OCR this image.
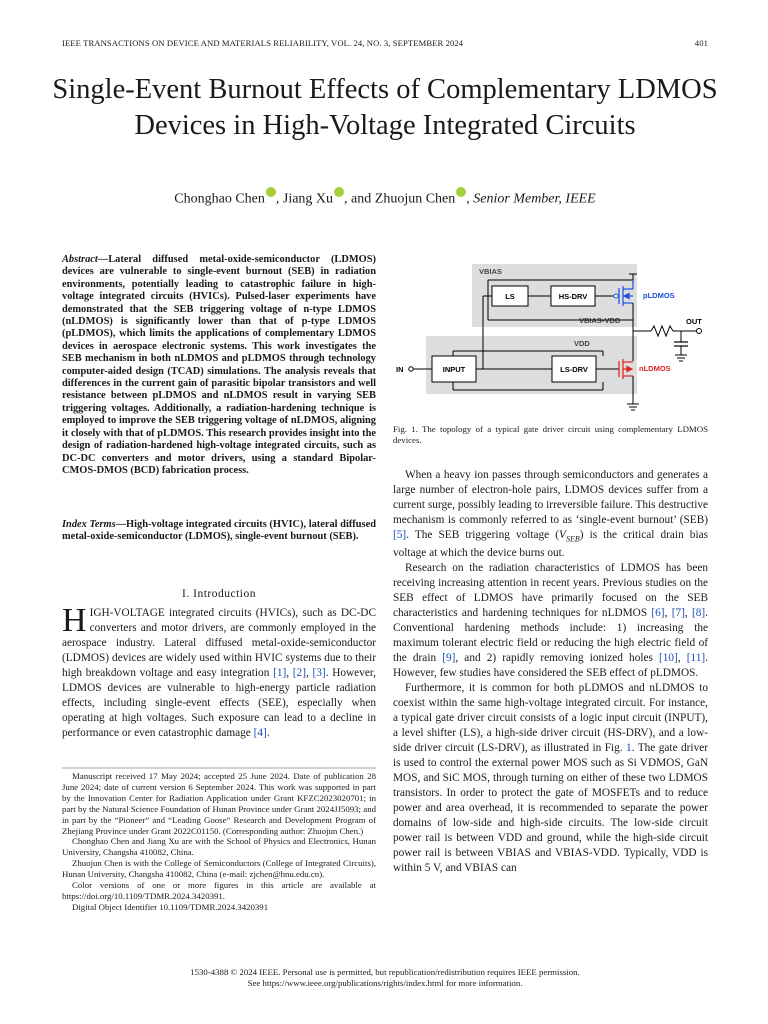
IEEE TRANSACTIONS ON DEVICE AND MATERIALS RELIABILITY, VOL. 24, NO. 3, SEPTEMBER 2024	401
Single-Event Burnout Effects of Complementary LDMOS Devices in High-Voltage Integrated Circuits
Chonghao Chen , Jiang Xu , and Zhuojun Chen , Senior Member, IEEE
Abstract—Lateral diffused metal-oxide-semiconductor (LDMOS) devices are vulnerable to single-event burnout (SEB) in radiation environments, potentially leading to catastrophic failure in high-voltage integrated circuits (HVICs). Pulsed-laser experiments have demonstrated that the SEB triggering voltage of n-type LDMOS (nLDMOS) is significantly lower than that of p-type LDMOS (pLDMOS), which limits the applications of complementary LDMOS devices in aerospace electronic systems. This work investigates the SEB mechanism in both nLDMOS and pLDMOS through technology computer-aided design (TCAD) simulations. The analysis reveals that differences in the current gain of parasitic bipolar transistors and well resistance between pLDMOS and nLDMOS result in varying SEB triggering voltages. Additionally, a radiation-hardening technique is employed to improve the SEB triggering voltage of nLDMOS, aligning it closely with that of pLDMOS. This research provides insight into the design of radiation-hardened high-voltage integrated circuits, such as DC-DC converters and motor drivers, using a standard Bipolar-CMOS-DMOS (BCD) fabrication process.
Index Terms—High-voltage integrated circuits (HVIC), lateral diffused metal-oxide-semiconductor (LDMOS), single-event burnout (SEB).
I. Introduction
HIGH-VOLTAGE integrated circuits (HVICs), such as DC-DC converters and motor drivers, are commonly employed in the aerospace industry. Lateral diffused metal-oxide-semiconductor (LDMOS) devices are widely used within HVIC systems due to their high breakdown voltage and easy integration [1], [2], [3]. However, LDMOS devices are vulnerable to high-energy particle radiation effects, including single-event effects (SEE), especially when operating at high voltages. Such exposure can lead to a decline in performance or even catastrophic damage [4].

Manuscript received 17 May 2024; accepted 25 June 2024. Date of publication 28 June 2024; date of current version 6 September 2024. This work was supported in part by the Innovation Center for Radiation Application under Grant KFZC2023020701; in part by the Natural Science Foundation of Hunan Province under Grant 2024JJ5093; and in part by the “Pioneer” and “Leading Goose” Research and Development Program of Zhejiang Province under Grant 2022C01150. (Corresponding author: Zhuojun Chen.)

Chonghao Chen and Jiang Xu are with the School of Physics and Electronics, Hunan University, Changsha 410082, China.

Zhuojun Chen is with the College of Semiconductors (College of Integrated Circuits), Hunan University, Changsha 410082, China (e-mail: zjchen@hnu.edu.cn).

Color versions of one or more figures in this article are available at https://doi.org/10.1109/TDMR.2024.3420391.

Digital Object Identifier 10.1109/TDMR.2024.3420391

VBIAS
VBIAS-VDD
VDD
LS	HS-DRV	pLDMOS
OUT
INPUT
IN	LS-DRV	nLDMOS
Fig. 1. The topology of a typical gate driver circuit using complementary LDMOS devices.

When a heavy ion passes through semiconductors and generates a large number of electron-hole pairs, LDMOS devices suffer from a current surge, possibly leading to irreversible failure. This destructive mechanism is commonly referred to as ‘single-event burnout’ (SEB) [5]. The SEB triggering voltage $(V_{SEB})$ is the critical drain bias voltage at which the device burns out.

Research on the radiation characteristics of LDMOS has been receiving increasing attention in recent years. Previous studies on the SEB effect of LDMOS have primarily focused on the SEB characteristics and hardening techniques for nLDMOS [6], [7], [8]. Conventional hardening methods include: 1) increasing the maximum tolerant electric field or reducing the high electric field of the drain [9], and 2) rapidly removing ionized holes [10], [11]. However, few studies have considered the SEB effect of pLDMOS.

Furthermore, it is common for both pLDMOS and nLDMOS to coexist within the same high-voltage integrated circuit. For instance, a typical gate driver circuit consists of a logic input circuit (INPUT), a level shifter (LS), a high-side driver circuit (HS-DRV), and a low-side driver circuit (LS-DRV), as illustrated in Fig. 1. The gate driver is used to control the external power MOS such as Si VDMOS, GaN MOS, and SiC MOS, through turning on either of these two LDMOS transistors. In order to protect the gate of MOSFETs and to reduce power and area overhead, it is recommended to separate the power domains of low-side and high-side circuits. The low-side circuit power rail is between VDD and ground, while the high-side circuit power rail is between VBIAS and VBIAS-VDD. Typically, VDD is within 5 V, and VBIAS can

1530-4388 © 2024 IEEE. Personal use is permitted, but republication/redistribution requires IEEE permission.
See https://www.ieee.org/publications/rights/index.html for more information.
